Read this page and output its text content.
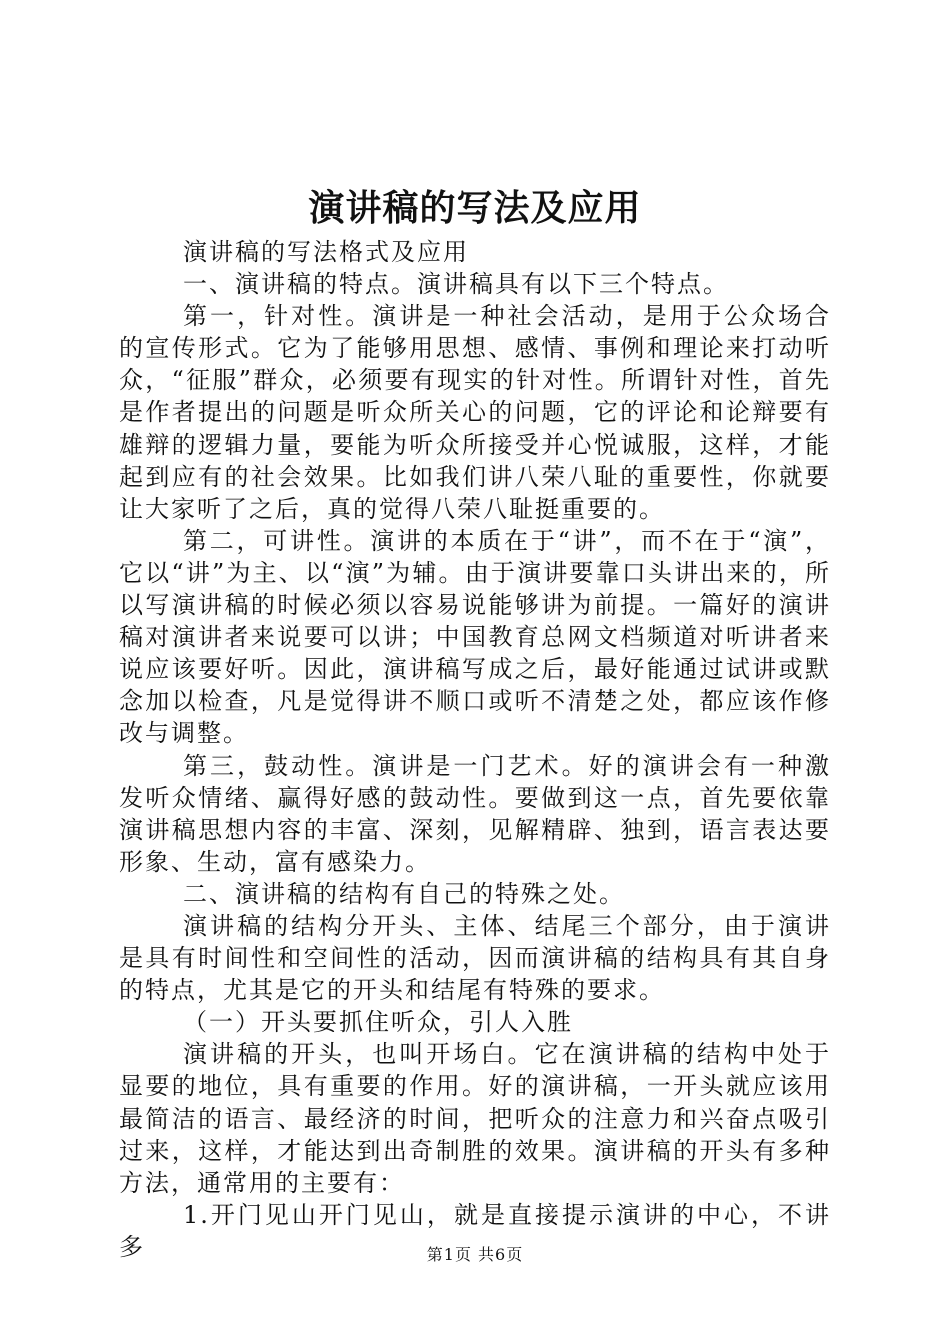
演讲稿的写法及应用

演讲稿的写法格式及应用

一、演讲稿的特点。演讲稿具有以下三个特点。

第一，针对性。演讲是一种社会活动，是用于公众场合的宣传形式。它为了能够用思想、感情、事例和理论来打动听众，“征服”群众，必须要有现实的针对性。所谓针对性，首先是作者提出的问题是听众所关心的问题，它的评论和论辩要有雄辩的逻辑力量，要能为听众所接受并心悦诚服，这样，才能起到应有的社会效果。比如我们讲八荣八耻的重要性，你就要让大家听了之后，真的觉得八荣八耻挺重要的。

第二，可讲性。演讲的本质在于“讲”，而不在于“演”，它以“讲”为主、以“演”为辅。由于演讲要靠口头讲出来的，所以写演讲稿的时候必须以容易说能够讲为前提。一篇好的演讲稿对演讲者来说要可以讲；中国教育总网文档频道对听讲者来说应该要好听。因此，演讲稿写成之后，最好能通过试讲或默念加以检查，凡是觉得讲不顺口或听不清楚之处，都应该作修改与调整。

第三，鼓动性。演讲是一门艺术。好的演讲会有一种激发听众情绪、赢得好感的鼓动性。要做到这一点，首先要依靠演讲稿思想内容的丰富、深刻，见解精辟、独到，语言表达要形象、生动，富有感染力。

二、演讲稿的结构有自己的特殊之处。

演讲稿的结构分开头、主体、结尾三个部分，由于演讲是具有时间性和空间性的活动，因而演讲稿的结构具有其自身的特点，尤其是它的开头和结尾有特殊的要求。

（一）开头要抓住听众，引人入胜

演讲稿的开头，也叫开场白。它在演讲稿的结构中处于显要的地位，具有重要的作用。好的演讲稿，一开头就应该用最简洁的语言、最经济的时间，把听众的注意力和兴奋点吸引过来，这样，才能达到出奇制胜的效果。演讲稿的开头有多种方法，通常用的主要有：

1.开门见山开门见山，就是直接提示演讲的中心，不讲多	第1页 共6页
